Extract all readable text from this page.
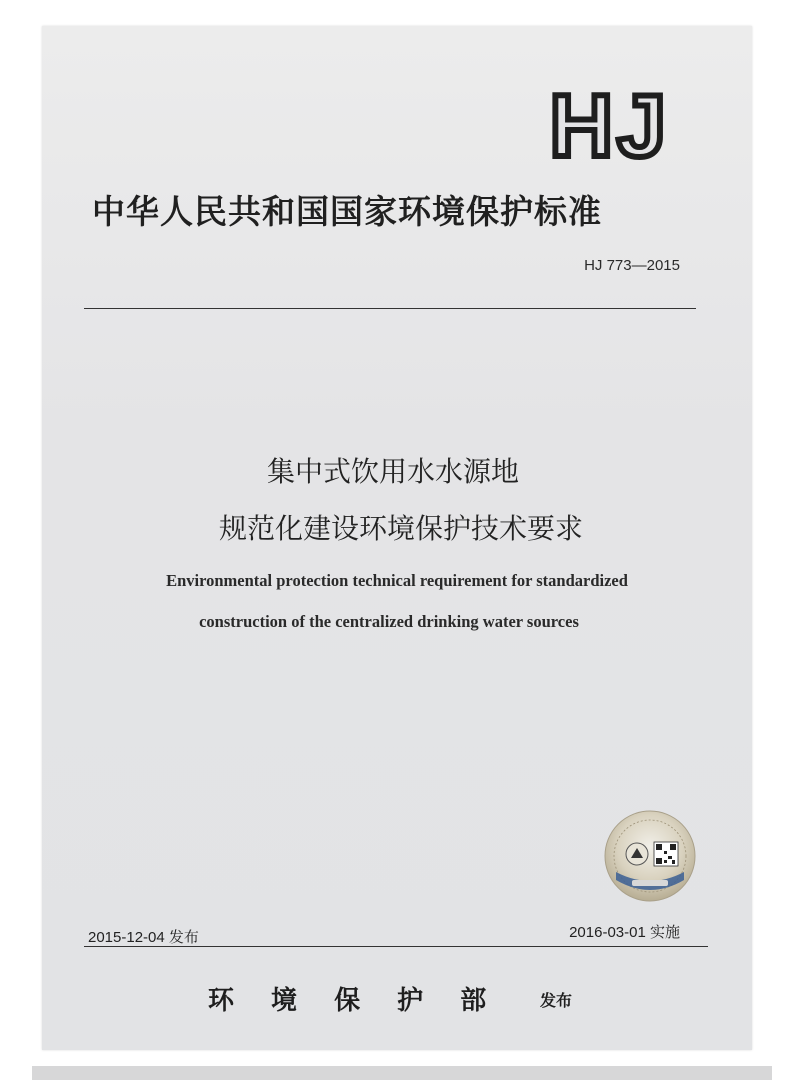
HJ
中华人民共和国国家环境保护标准
HJ 773—2015
集中式饮用水水源地
规范化建设环境保护技术要求
Environmental protection technical requirement for standardized
construction of the centralized drinking water sources
2015-12-04 发布	2016-03-01 实施
环 境 保 护 部 发布
